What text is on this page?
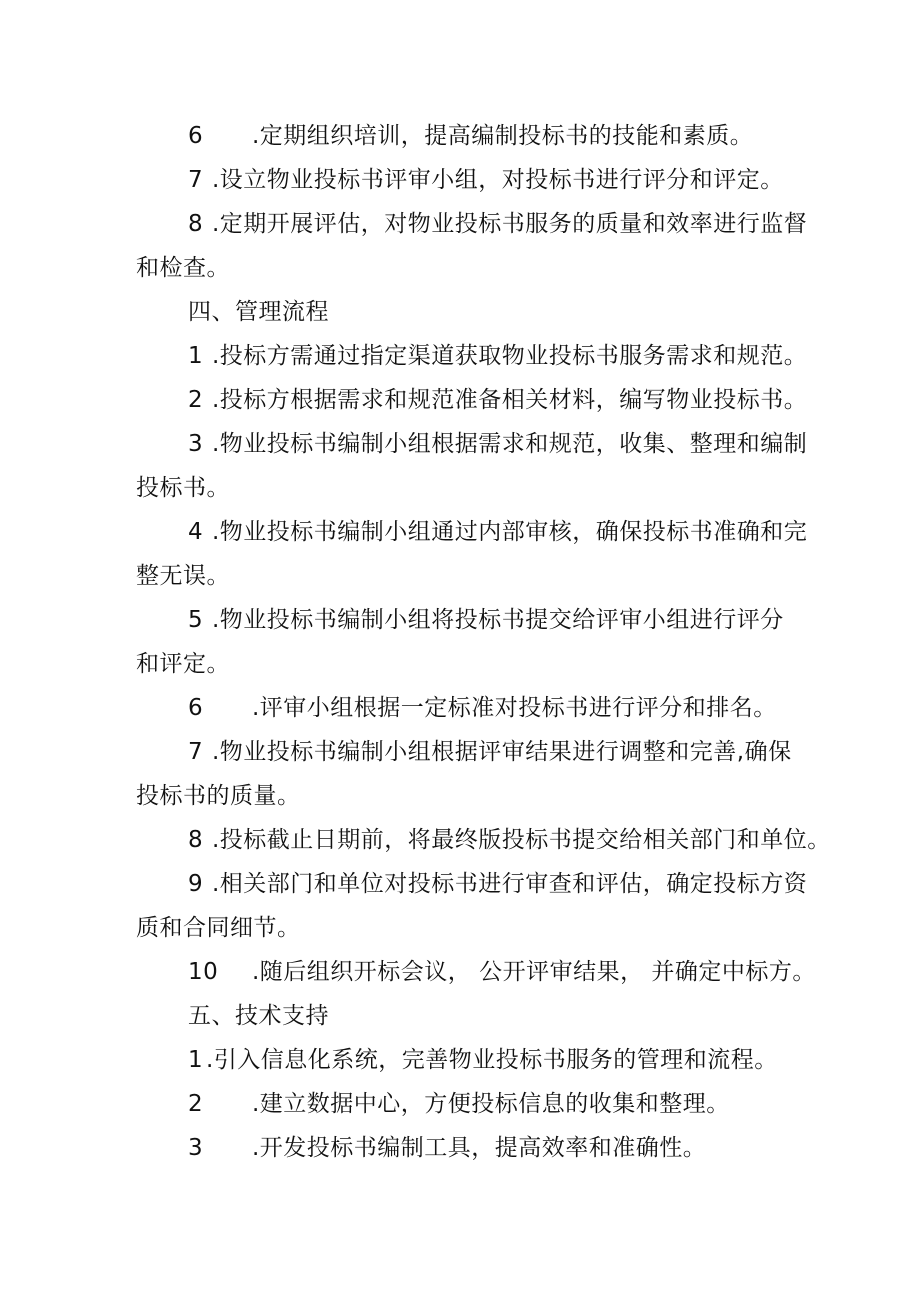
6 .定期组织培训，提高编制投标书的技能和素质。
7 .设立物业投标书评审小组，对投标书进行评分和评定。
8 .定期开展评估，对物业投标书服务的质量和效率进行监督
和检查。
四、管理流程
1 .投标方需通过指定渠道获取物业投标书服务需求和规范。
2 .投标方根据需求和规范准备相关材料，编写物业投标书。
3 .物业投标书编制小组根据需求和规范，收集、整理和编制
投标书。
4 .物业投标书编制小组通过内部审核，确保投标书准确和完
整无误。
5 .物业投标书编制小组将投标书提交给评审小组进行评分
和评定。
6 .评审小组根据一定标准对投标书进行评分和排名。
7 .物业投标书编制小组根据评审结果进行调整和完善,确保
投标书的质量。
8 .投标截止日期前，将最终版投标书提交给相关部门和单位。
9 .相关部门和单位对投标书进行审查和评估，确定投标方资
质和合同细节。
10 .随后组织开标会议， 公开评审结果， 并确定中标方。
五、技术支持
1 .引入信息化系统，完善物业投标书服务的管理和流程。
2 .建立数据中心，方便投标信息的收集和整理。
3 .开发投标书编制工具，提高效率和准确性。
